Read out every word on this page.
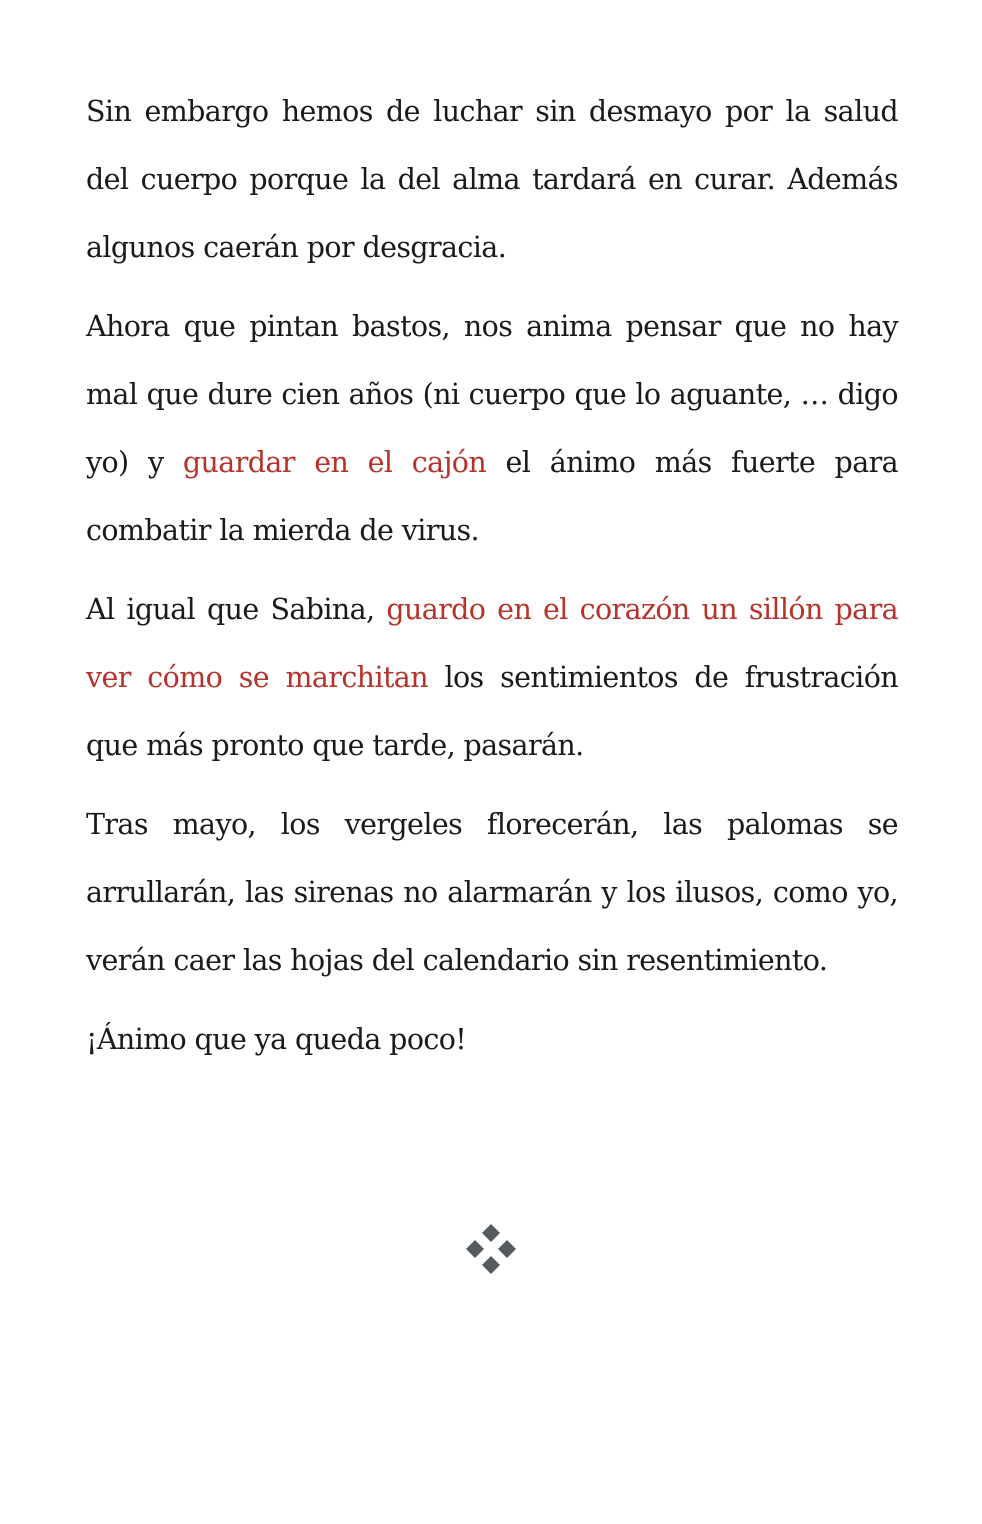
Sin embargo hemos de luchar sin desmayo por la salud del cuerpo porque la del alma tardará en curar. Además algunos caerán por desgracia.

Ahora que pintan bastos, nos anima pensar que no hay mal que dure cien años (ni cuerpo que lo aguante, … digo yo) y guardar en el cajón el ánimo más fuerte para combatir la mierda de virus.

Al igual que Sabina, guardo en el corazón un sillón para ver cómo se marchitan los sentimientos de frustración que más pronto que tarde, pasarán.

Tras mayo, los vergeles florecerán, las palomas se arrullarán, las sirenas no alarmarán y los ilusos, como yo, verán caer las hojas del calendario sin resentimiento.

¡Ánimo que ya queda poco!
